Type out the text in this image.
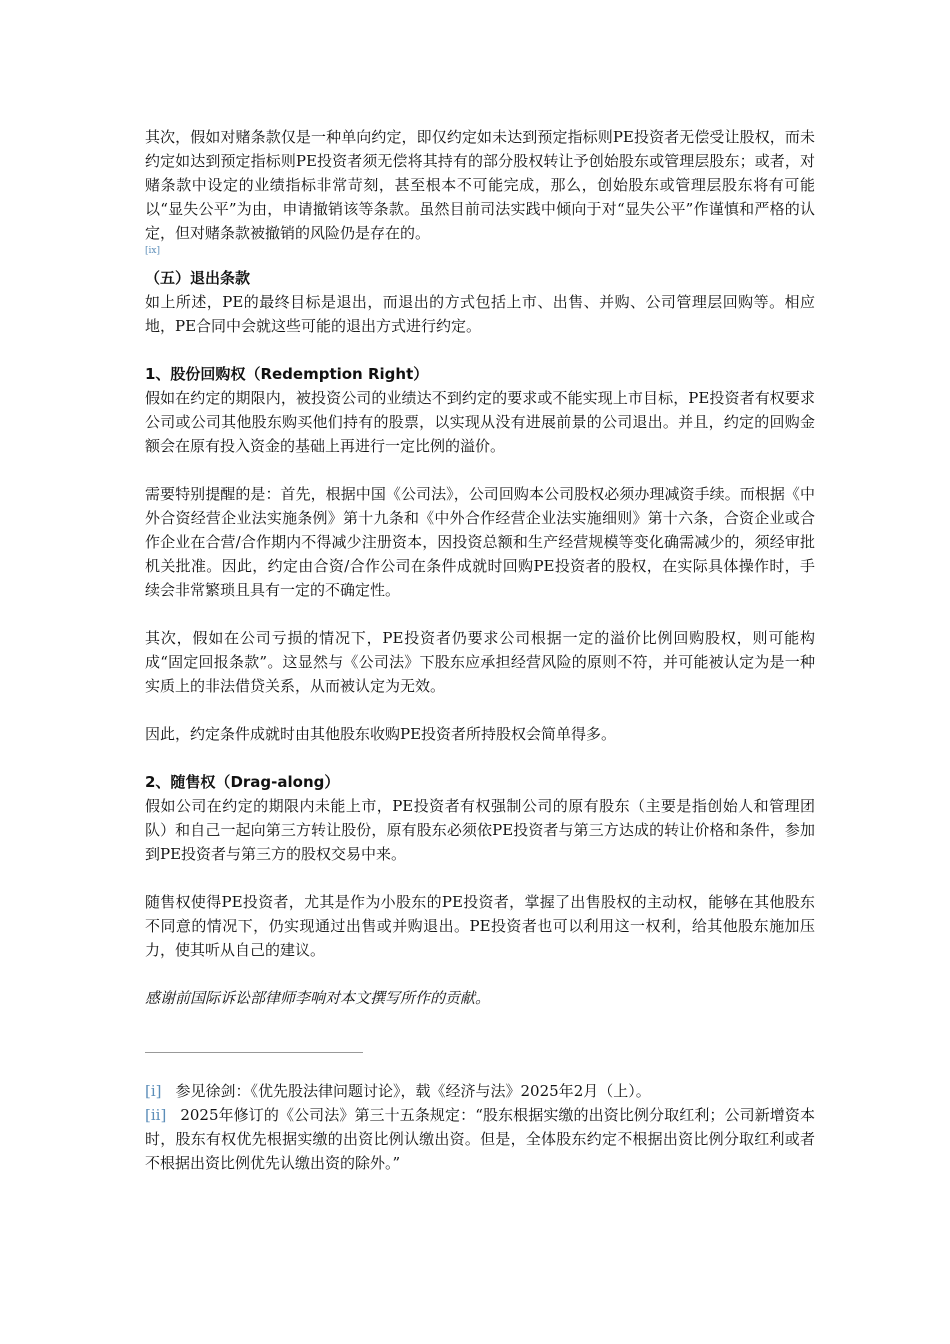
其次，假如对赌条款仅是一种单向约定，即仅约定如未达到预定指标则PE投资者无偿受让股权，而未约定如达到预定指标则PE投资者须无偿将其持有的部分股权转让予创始股东或管理层股东；或者，对赌条款中设定的业绩指标非常苛刻，甚至根本不可能完成，那么，创始股东或管理层股东将有可能以“显失公平”为由，申请撤销该等条款。虽然目前司法实践中倾向于对“显失公平”作谨慎和严格的认定，但对赌条款被撤销的风险仍是存在的。

[ix]
（五）退出条款

如上所述，PE的最终目标是退出，而退出的方式包括上市、出售、并购、公司管理层回购等。相应地，PE合同中会就这些可能的退出方式进行约定。

1、股份回购权（Redemption Right）

假如在约定的期限内，被投资公司的业绩达不到约定的要求或不能实现上市目标，PE投资者有权要求公司或公司其他股东购买他们持有的股票，以实现从没有进展前景的公司退出。并且，约定的回购金额会在原有投入资金的基础上再进行一定比例的溢价。

需要特别提醒的是：首先，根据中国《公司法》，公司回购本公司股权必须办理减资手续。而根据《中外合资经营企业法实施条例》第十九条和《中外合作经营企业法实施细则》第十六条，合资企业或合作企业在合营/合作期内不得减少注册资本，因投资总额和生产经营规模等变化确需减少的，须经审批机关批准。因此，约定由合资/合作公司在条件成就时回购PE投资者的股权，在实际具体操作时，手续会非常繁琐且具有一定的不确定性。

其次，假如在公司亏损的情况下，PE投资者仍要求公司根据一定的溢价比例回购股权，则可能构成“固定回报条款”。这显然与《公司法》下股东应承担经营风险的原则不符，并可能被认定为是一种实质上的非法借贷关系，从而被认定为无效。

因此，约定条件成就时由其他股东收购PE投资者所持股权会简单得多。

2、随售权（Drag-along）

假如公司在约定的期限内未能上市，PE投资者有权强制公司的原有股东（主要是指创始人和管理团队）和自己一起向第三方转让股份，原有股东必须依PE投资者与第三方达成的转让价格和条件，参加到PE投资者与第三方的股权交易中来。

随售权使得PE投资者，尤其是作为小股东的PE投资者，掌握了出售股权的主动权，能够在其他股东不同意的情况下，仍实现通过出售或并购退出。PE投资者也可以利用这一权利，给其他股东施加压力，使其听从自己的建议。

感谢前国际诉讼部律师李响对本文撰写所作的贡献。

[i] 参见徐剑：《优先股法律问题讨论》，载《经济与法》2025年2月（上）。

[ii] 2025年修订的《公司法》第三十五条规定：“股东根据实缴的出资比例分取红利；公司新增资本时，股东有权优先根据实缴的出资比例认缴出资。但是，全体股东约定不根据出资比例分取红利或者不根据出资比例优先认缴出资的除外。”
